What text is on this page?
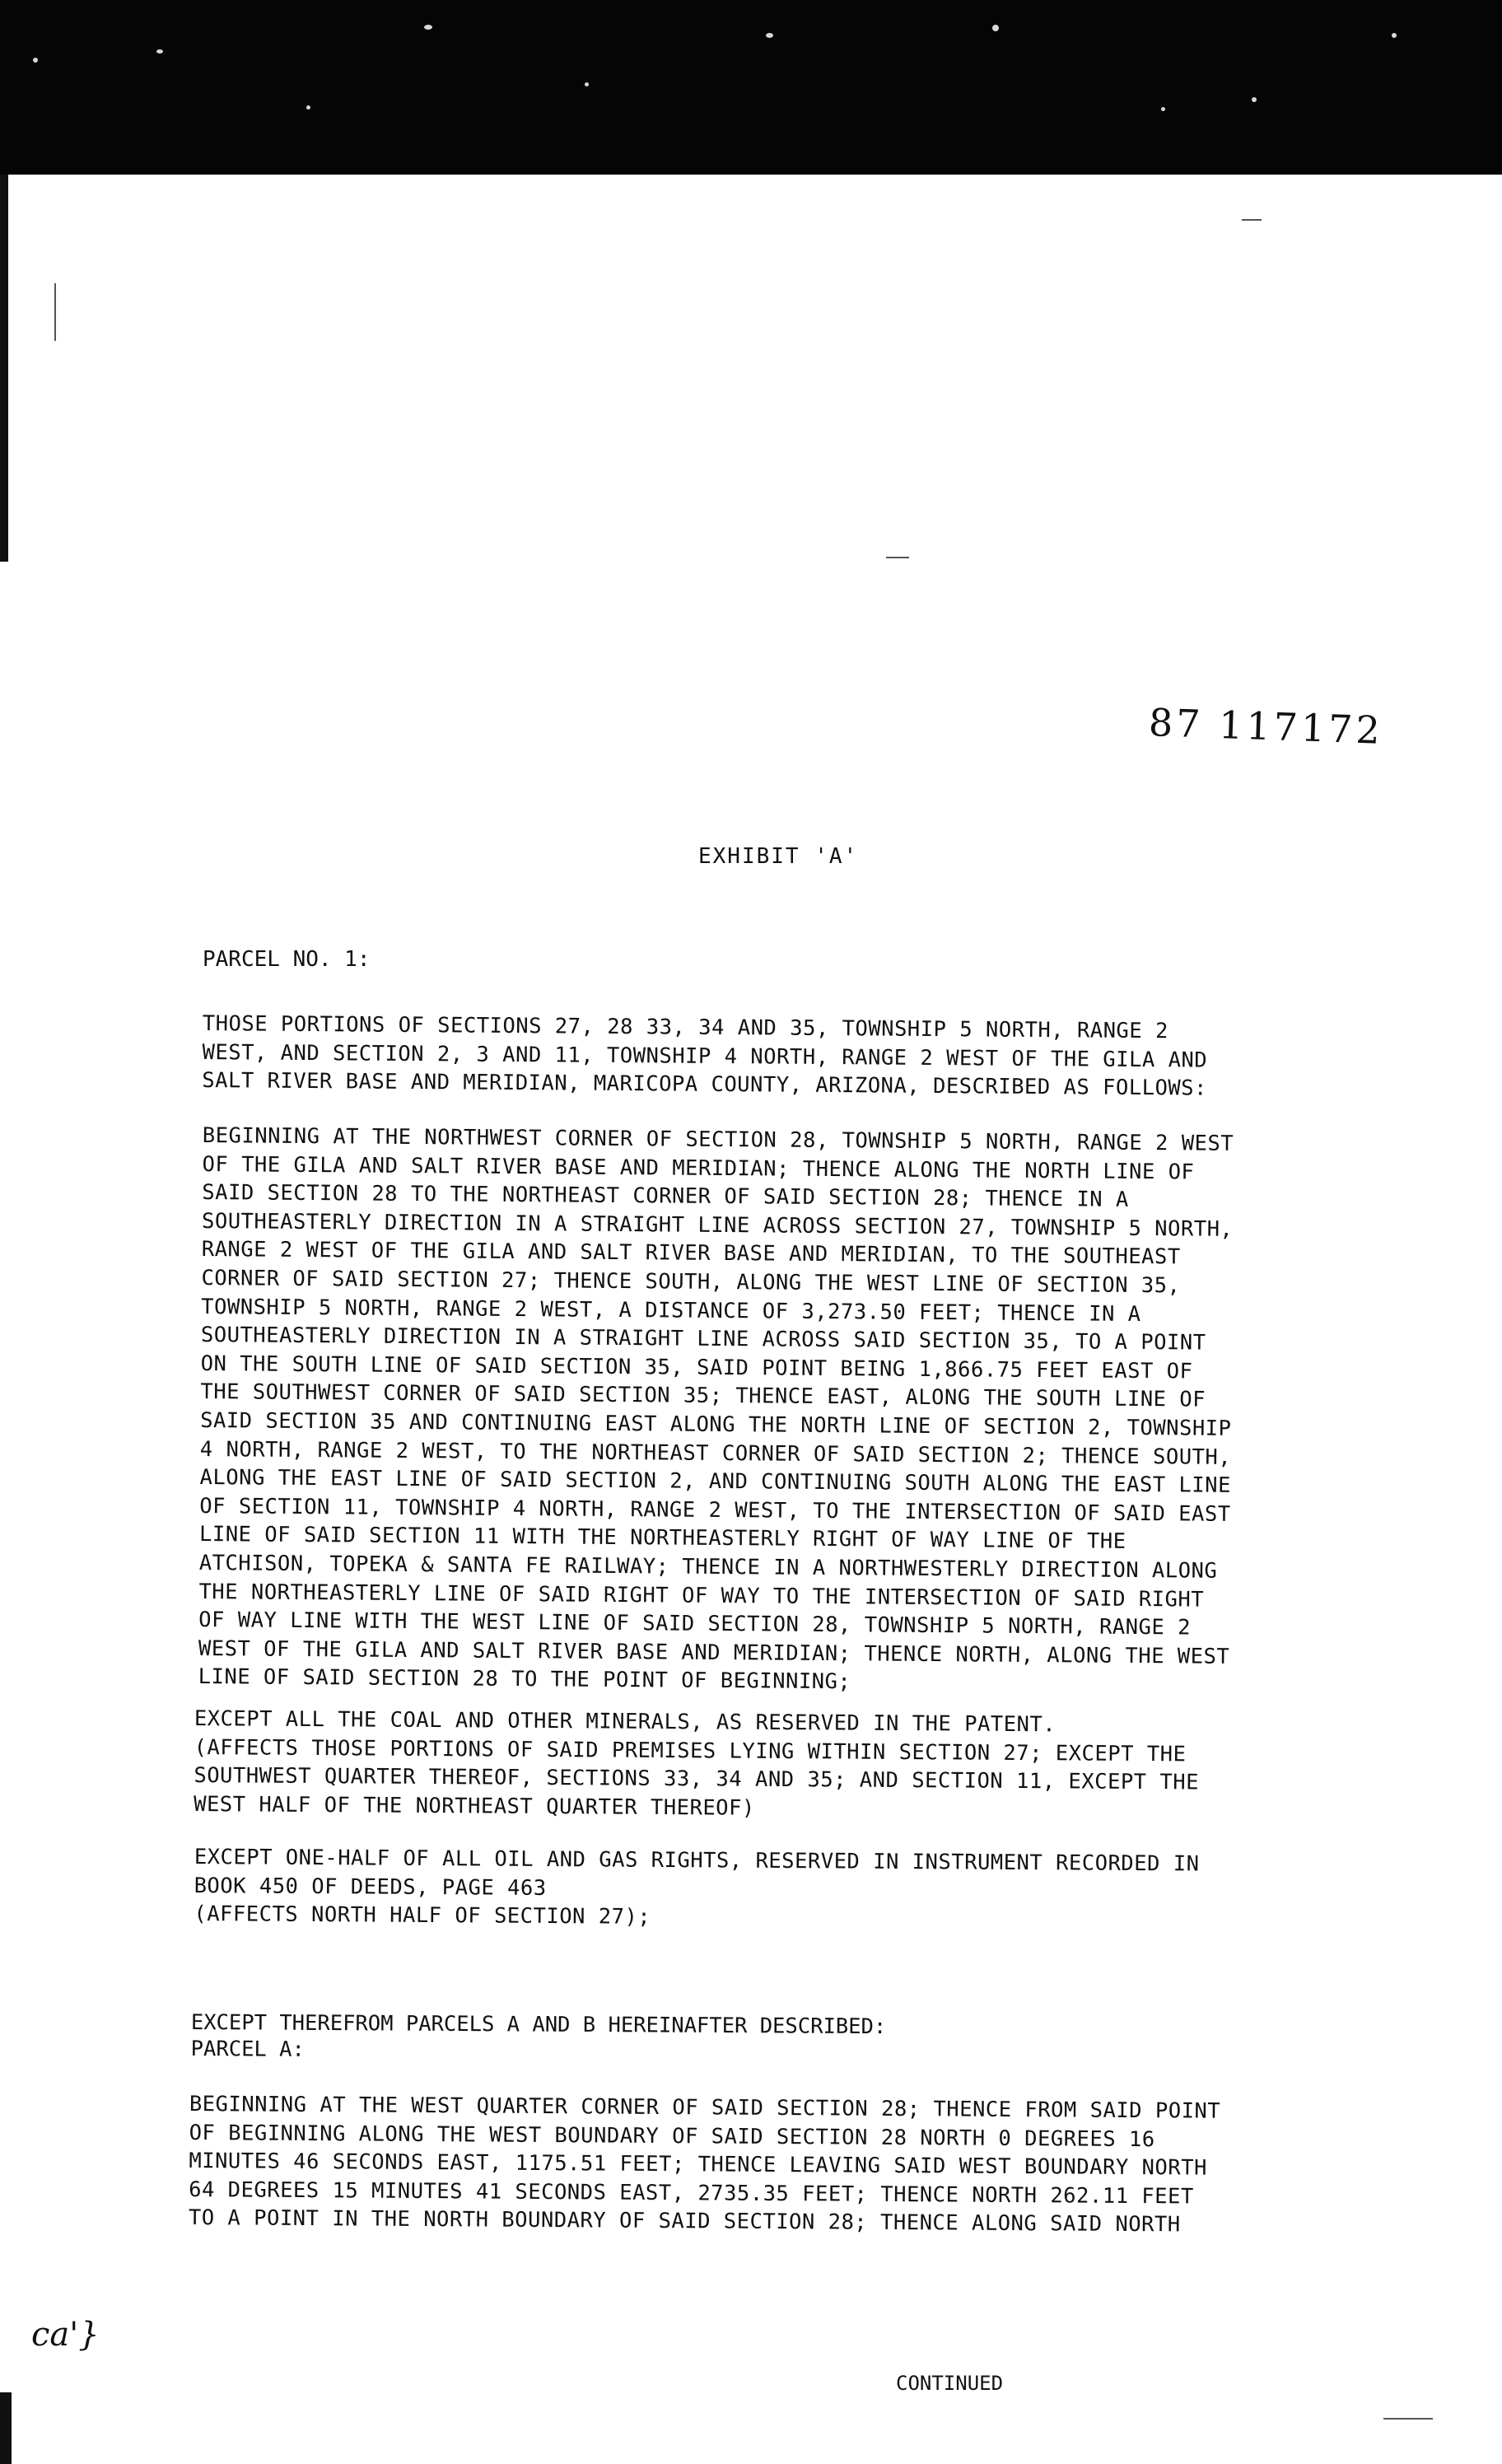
87 117172
EXHIBIT 'A'
PARCEL NO. 1:

THOSE PORTIONS OF SECTIONS 27, 28 33, 34 AND 35, TOWNSHIP 5 NORTH, RANGE 2
WEST, AND SECTION 2, 3 AND 11, TOWNSHIP 4 NORTH, RANGE 2 WEST OF THE GILA AND
SALT RIVER BASE AND MERIDIAN, MARICOPA COUNTY, ARIZONA, DESCRIBED AS FOLLOWS:

BEGINNING AT THE NORTHWEST CORNER OF SECTION 28, TOWNSHIP 5 NORTH, RANGE 2 WEST
OF THE GILA AND SALT RIVER BASE AND MERIDIAN; THENCE ALONG THE NORTH LINE OF
SAID SECTION 28 TO THE NORTHEAST CORNER OF SAID SECTION 28; THENCE IN A
SOUTHEASTERLY DIRECTION IN A STRAIGHT LINE ACROSS SECTION 27, TOWNSHIP 5 NORTH,
RANGE 2 WEST OF THE GILA AND SALT RIVER BASE AND MERIDIAN, TO THE SOUTHEAST
CORNER OF SAID SECTION 27; THENCE SOUTH, ALONG THE WEST LINE OF SECTION 35,
TOWNSHIP 5 NORTH, RANGE 2 WEST, A DISTANCE OF 3,273.50 FEET; THENCE IN A
SOUTHEASTERLY DIRECTION IN A STRAIGHT LINE ACROSS SAID SECTION 35, TO A POINT
ON THE SOUTH LINE OF SAID SECTION 35, SAID POINT BEING 1,866.75 FEET EAST OF
THE SOUTHWEST CORNER OF SAID SECTION 35; THENCE EAST, ALONG THE SOUTH LINE OF
SAID SECTION 35 AND CONTINUING EAST ALONG THE NORTH LINE OF SECTION 2, TOWNSHIP
4 NORTH, RANGE 2 WEST, TO THE NORTHEAST CORNER OF SAID SECTION 2; THENCE SOUTH,
ALONG THE EAST LINE OF SAID SECTION 2, AND CONTINUING SOUTH ALONG THE EAST LINE
OF SECTION 11, TOWNSHIP 4 NORTH, RANGE 2 WEST, TO THE INTERSECTION OF SAID EAST
LINE OF SAID SECTION 11 WITH THE NORTHEASTERLY RIGHT OF WAY LINE OF THE
ATCHISON, TOPEKA & SANTA FE RAILWAY; THENCE IN A NORTHWESTERLY DIRECTION ALONG
THE NORTHEASTERLY LINE OF SAID RIGHT OF WAY TO THE INTERSECTION OF SAID RIGHT
OF WAY LINE WITH THE WEST LINE OF SAID SECTION 28, TOWNSHIP 5 NORTH, RANGE 2
WEST OF THE GILA AND SALT RIVER BASE AND MERIDIAN; THENCE NORTH, ALONG THE WEST
LINE OF SAID SECTION 28 TO THE POINT OF BEGINNING;

EXCEPT ALL THE COAL AND OTHER MINERALS, AS RESERVED IN THE PATENT.
(AFFECTS THOSE PORTIONS OF SAID PREMISES LYING WITHIN SECTION 27; EXCEPT THE
SOUTHWEST QUARTER THEREOF, SECTIONS 33, 34 AND 35; AND SECTION 11, EXCEPT THE
WEST HALF OF THE NORTHEAST QUARTER THEREOF)

EXCEPT ONE-HALF OF ALL OIL AND GAS RIGHTS, RESERVED IN INSTRUMENT RECORDED IN
BOOK 450 OF DEEDS, PAGE 463
(AFFECTS NORTH HALF OF SECTION 27);

EXCEPT THEREFROM PARCELS A AND B HEREINAFTER DESCRIBED:
PARCEL A:

BEGINNING AT THE WEST QUARTER CORNER OF SAID SECTION 28; THENCE FROM SAID POINT
OF BEGINNING ALONG THE WEST BOUNDARY OF SAID SECTION 28 NORTH 0 DEGREES 16
MINUTES 46 SECONDS EAST, 1175.51 FEET; THENCE LEAVING SAID WEST BOUNDARY NORTH
64 DEGREES 15 MINUTES 41 SECONDS EAST, 2735.35 FEET; THENCE NORTH 262.11 FEET
TO A POINT IN THE NORTH BOUNDARY OF SAID SECTION 28; THENCE ALONG SAID NORTH

ca'}
CONTINUED
